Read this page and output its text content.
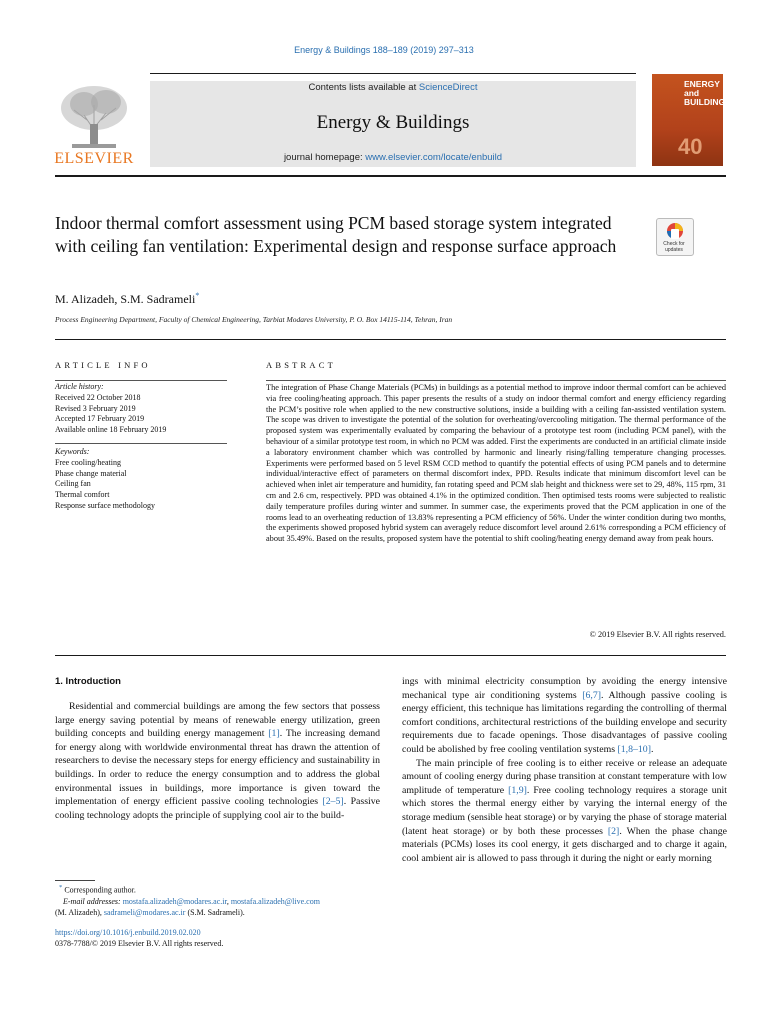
Energy & Buildings 188–189 (2019) 297–313
ELSEVIER
Contents lists available at ScienceDirect
Energy & Buildings
journal homepage: www.elsevier.com/locate/enbuild	40
ENERGY and BUILDINGS
Indoor thermal comfort assessment using PCM based storage system integrated with ceiling fan ventilation: Experimental design and response surface approach	Check for updates
M. Alizadeh, S.M. Sadrameli*
Process Engineering Department, Faculty of Chemical Engineering, Tarbiat Modares University, P. O. Box 14115-114, Tehran, Iran
ARTICLE INFO
Article history:
Received 22 October 2018
Revised 3 February 2019
Accepted 17 February 2019
Available online 18 February 2019
Keywords:
Free cooling/heating
Phase change material
Ceiling fan
Thermal comfort
Response surface methodology
ABSTRACT
The integration of Phase Change Materials (PCMs) in buildings as a potential method to improve indoor thermal comfort can be achieved via free cooling/heating approach. This paper presents the results of a study on indoor thermal comfort and energy efficiency regarding the PCM’s positive role when applied to the new constructive solutions, inside a building with a ceiling fan-assisted ventilation system. The scope was driven to investigate the potential of the solution for overheating/overcooling mitigation. The thermal performance of the proposed system was experimentally evaluated by comparing the behaviour of a prototype test room (including PCM panel), with the behaviour of a similar prototype test room, in which no PCM was added. First the experiments are conducted in an artificial climate inside a laboratory environment chamber which was controlled by harmonic and linearly rising/falling temperature changing processes. Experiments were performed based on 5 level RSM CCD method to quantify the potential effects of using PCM panels and to determine individual/interactive effect of parameters on thermal discomfort index, PPD. Results indicate that minimum discomfort level can be achieved when inlet air temperature and humidity, fan rotating speed and PCM slab height and thickness were set to 29, 48%, 115 rpm, 31 cm and 2.6 cm, respectively. PPD was obtained 4.1% in the optimized condition. Then optimised tests rooms were subjected to realistic daily temperature profiles during winter and summer. In summer case, the experiments proved that the PCM application in one of the rooms lead to an overheating reduction of 13.83% representing a PCM efficiency of 56%. Under the winter condition during two months, the experiments showed proposed hybrid system can averagely reduce discomfort level around 2.61% corresponding a PCM efficiency of about 35.49%. Based on the results, proposed system have the potential to shift cooling/heating energy demand away from peak hours.
© 2019 Elsevier B.V. All rights reserved.
1. Introduction

Residential and commercial buildings are among the few sectors that possess large energy saving potential by means of renewable energy utilization, green building concepts and building energy management [1]. The increasing demand for energy along with worldwide environmental threat has drawn the attention of researchers to devise the necessary steps for energy efficiency and sustainability in buildings. In order to reduce the energy consumption and to address the global environmental issues in buildings, more importance is given toward the implementation of energy efficient passive cooling technologies [2–5]. Passive cooling technology adopts the principle of supplying cool air to the build-

ings with minimal electricity consumption by avoiding the energy intensive mechanical type air conditioning systems [6,7]. Although passive cooling is energy efficient, this technique has limitations regarding the controlling of thermal comfort conditions, architectural restrictions of the building envelope and security requirements due to facade openings. Those disadvantages of passive cooling could be abolished by free cooling ventilation systems [1,8–10].

The main principle of free cooling is to either receive or release an adequate amount of cooling energy during phase transition at constant temperature with low amplitude of temperature [1,9]. Free cooling technology requires a storage unit which stores the thermal energy either by varying the internal energy of the storage medium (sensible heat storage) or by varying the phase of storage material (latent heat storage) or by both these processes [2]. When the phase change materials (PCMs) loses its cool energy, it gets discharged and to charge it again, cool ambient air is allowed to pass through it during the night or early morning

* Corresponding author.
E-mail addresses: mostafa.alizadeh@modares.ac.ir, mostafa.alizadeh@live.com
(M. Alizadeh), sadrameli@modares.ac.ir (S.M. Sadrameli).
https://doi.org/10.1016/j.enbuild.2019.02.020
0378-7788/© 2019 Elsevier B.V. All rights reserved.
